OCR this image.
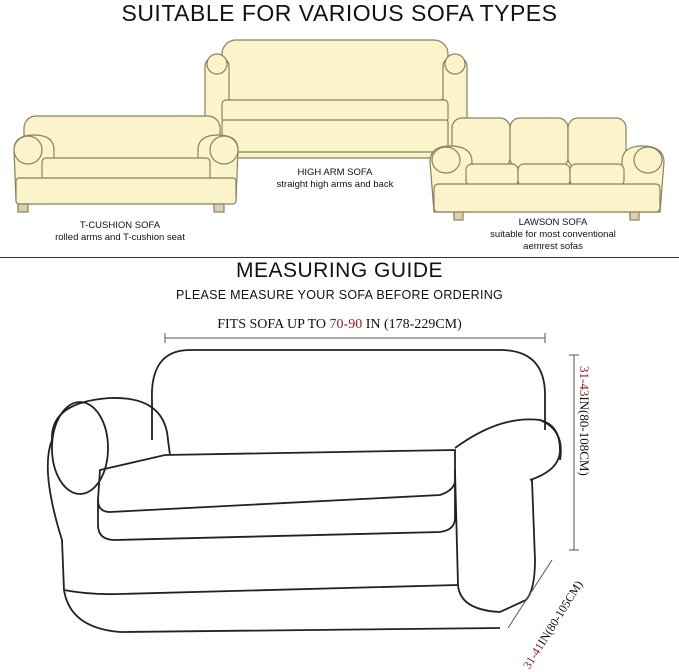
SUITABLE FOR VARIOUS SOFA TYPES
T-CUSHION SOFA
rolled arms and T-cushion seat
HIGH ARM SOFA
straight high arms and back
LAWSON SOFA
suitable for most conventional
aemrest sofas
MEASURING GUIDE
PLEASE MEASURE YOUR SOFA BEFORE ORDERING
FITS SOFA UP TO 70-90 IN (178-229CM)
31-43IN(80-108CM)
31-41IN(80-105CM)
